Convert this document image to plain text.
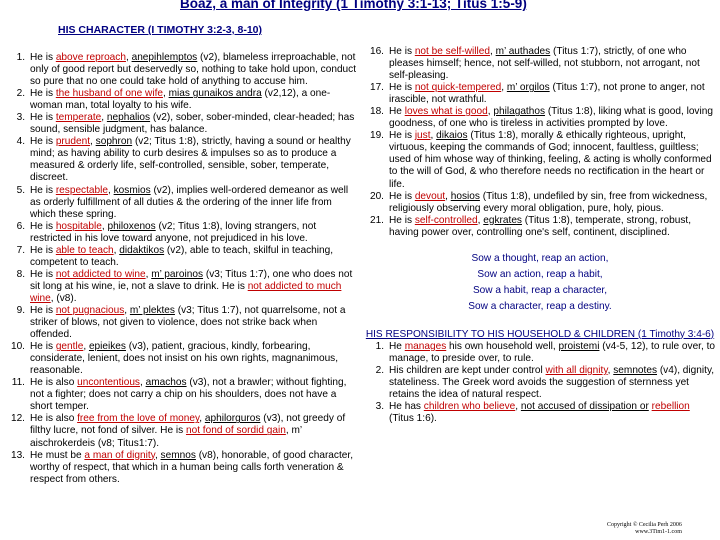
Boaz, a man of Integrity (1 Timothy 3:1-13; Titus 1:5-9)
HIS CHARACTER (I TIMOTHY 3:2-3, 8-10)
1. He is above reproach, anepihlemptos (v2), blameless irreproachable, not only of good report but deservedly so, nothing to take hold upon, conduct so pure that no one could take hold of anything to accuse him.
2. He is the husband of one wife, mias gunaikos andra (v2,12), a one-woman man, total loyalty to his wife.
3. He is temperate, nephalios (v2), sober, sober-minded, clear-headed; has sound, sensible judgment, has balance.
4. He is prudent, sophron (v2; Titus 1:8), strictly, having a sound or healthy mind; as having ability to curb desires & impulses so as to produce a measured & orderly life, self-controlled, sensible, sober, temperate, discreet.
5. He is respectable, kosmios (v2), implies well-ordered demeanor as well as orderly fulfillment of all duties & the ordering of the inner life from which these spring.
6. He is hospitable, philoxenos (v2; Titus 1:8), loving strangers, not restricted in his love toward anyone, not prejudiced in his love.
7. He is able to teach, didaktikos (v2), able to teach, skilful in teaching, competent to teach.
8. He is not addicted to wine, m’ paroinos (v3; Titus 1:7), one who does not sit long at his wine, ie, not a slave to drink. He is not addicted to much wine, (v8).
9. He is not pugnacious, m’ plektes (v3; Titus 1:7), not quarrelsome, not a striker of blows, not given to violence, does not strike back when offended.
10. He is gentle, epieikes (v3), patient, gracious, kindly, forbearing, considerate, lenient, does not insist on his own rights, magnanimous, reasonable.
11. He is also uncontentious, amachos (v3), not a brawler; without fighting, not a fighter; does not carry a chip on his shoulders, does not have a short temper.
12. He is also free from the love of money, aphilorguros (v3), not greedy of filthy lucre, not fond of silver. He is not fond of sordid gain, m’ aischrokerdeis (v8; Titus1:7).
13. He must be a man of dignity, semnos (v8), honorable, of good character, worthy of respect, that which in a human being calls forth veneration & respect from others.
16. He is not be self-willed, m’ authades (Titus 1:7), strictly, of one who pleases himself; hence, not self-willed, not stubborn, not arrogant, not self-pleasing.
17. He is not quick-tempered, m’ orgilos (Titus 1:7), not prone to anger, not irascible, not wrathful.
18. He loves what is good, philagathos (Titus 1:8), liking what is good, loving goodness, of one who is tireless in activities prompted by love.
19. He is just, dikaios (Titus 1:8), morally & ethically righteous, upright, virtuous, keeping the commands of God; innocent, faultless, guiltless; used of him whose way of thinking, feeling, & acting is wholly conformed to the will of God, & who therefore needs no rectification in the heart or life.
20. He is devout, hosios (Titus 1:8), undefiled by sin, free from wickedness, religiously observing every moral obligation, pure, holy, pious.
21. He is self-controlled, egkrates (Titus 1:8), temperate, strong, robust, having power over, controlling one's self, continent, disciplined.
Sow a thought, reap an action,
Sow an action, reap a habit,
Sow a habit, reap a character,
Sow a character, reap a destiny.
HIS RESPONSIBILITY TO HIS HOUSEHOLD & CHILDREN (1 Timothy 3:4-6)
1. He manages his own household well, proistemi (v4-5, 12), to rule over, to manage, to preside over, to rule.
2. His children are kept under control with all dignity, semnotes (v4), dignity, stateliness. The Greek word avoids the suggestion of sternness yet retains the idea of natural respect.
3. He has children who believe, not accused of dissipation or rebellion (Titus 1:6).
Copyright © Cecilia Perh 2006
www.3Tim1-1.com
